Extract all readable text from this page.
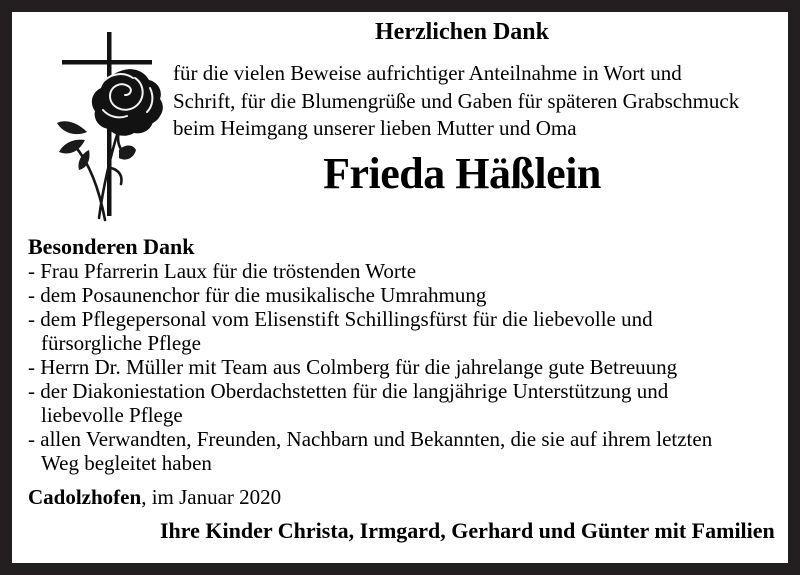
Herzlichen Dank
für die vielen Beweise aufrichtiger Anteilnahme in Wort und
Schrift, für die Blumengrüße und Gaben für späteren Grabschmuck
beim Heimgang unserer lieben Mutter und Oma
Frieda Häßlein
Besonderen Dank
- Frau Pfarrerin Laux für die tröstenden Worte
- dem Posaunenchor für die musikalische Umrahmung
- dem Pflegepersonal vom Elisenstift Schillingsfürst für die liebevolle und
fürsorgliche Pflege
- Herrn Dr. Müller mit Team aus Colmberg für die jahrelange gute Betreuung
- der Diakoniestation Oberdachstetten für die langjährige Unterstützung und
liebevolle Pflege
- allen Verwandten, Freunden, Nachbarn und Bekannten, die sie auf ihrem letzten
Weg begleitet haben
Cadolzhofen, im Januar 2020
Ihre Kinder Christa, Irmgard, Gerhard und Günter mit Familien
